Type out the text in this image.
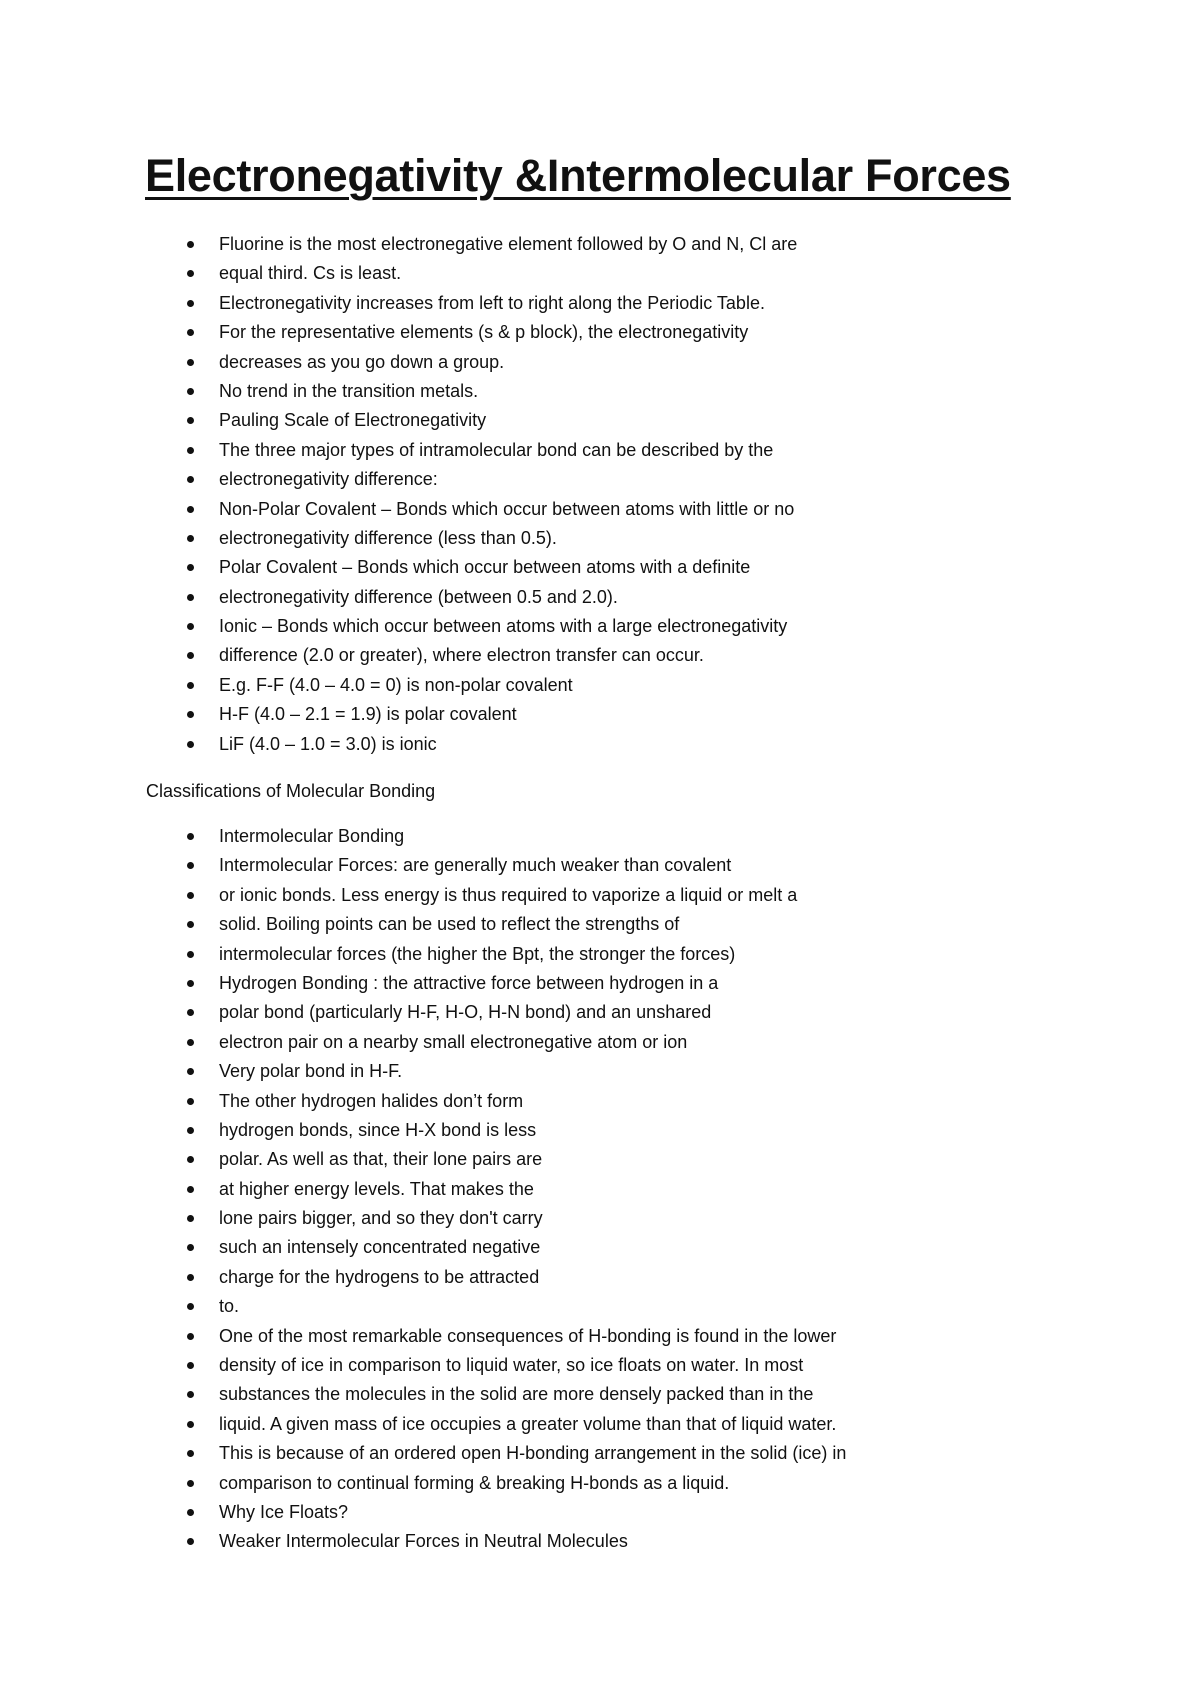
Electronegativity &Intermolecular Forces
Fluorine is the most electronegative element followed by O and N, Cl are
equal third. Cs is least.
Electronegativity increases from left to right along the Periodic Table.
For the representative elements (s & p block), the electronegativity
decreases as you go down a group.
No trend in the transition metals.
Pauling Scale of Electronegativity
The three major types of intramolecular bond can be described by the
electronegativity difference:
Non-Polar Covalent – Bonds which occur between atoms with little or no
electronegativity difference (less than 0.5).
Polar Covalent – Bonds which occur between atoms with a definite
electronegativity difference (between 0.5 and 2.0).
Ionic – Bonds which occur between atoms with a large electronegativity
difference (2.0 or greater), where electron transfer can occur.
E.g. F-F (4.0 – 4.0 = 0) is non-polar covalent
H-F (4.0 – 2.1 = 1.9) is polar covalent
LiF (4.0 – 1.0 = 3.0) is ionic
Classifications of Molecular Bonding
Intermolecular Bonding
Intermolecular Forces: are generally much weaker than covalent
or ionic bonds. Less energy is thus required to vaporize a liquid or melt a
solid. Boiling points can be used to reflect the strengths of
intermolecular forces (the higher the Bpt, the stronger the forces)
Hydrogen Bonding : the attractive force between hydrogen in a
polar bond (particularly H-F, H-O, H-N bond) and an unshared
electron pair on a nearby small electronegative atom or ion
Very polar bond in H-F.
The other hydrogen halides don’t form
hydrogen bonds, since H-X bond is less
polar. As well as that, their lone pairs are
at higher energy levels. That makes the
lone pairs bigger, and so they don't carry
such an intensely concentrated negative
charge for the hydrogens to be attracted
to.
One of the most remarkable consequences of H-bonding is found in the lower
density of ice in comparison to liquid water, so ice floats on water. In most
substances the molecules in the solid are more densely packed than in the
liquid. A given mass of ice occupies a greater volume than that of liquid water.
This is because of an ordered open H-bonding arrangement in the solid (ice) in
comparison to continual forming & breaking H-bonds as a liquid.
Why Ice Floats?
Weaker Intermolecular Forces in Neutral Molecules
